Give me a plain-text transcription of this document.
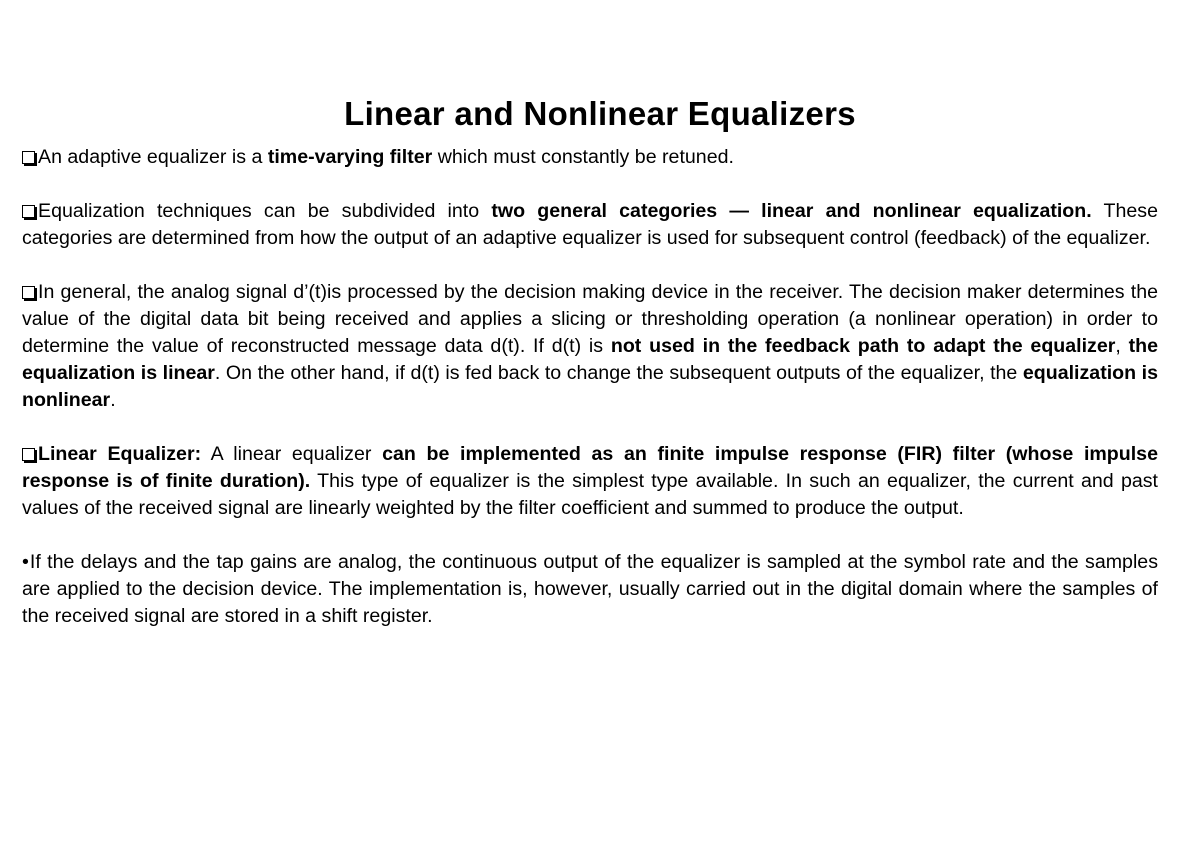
Linear and Nonlinear Equalizers

An adaptive equalizer is a time-varying filter which must constantly be retuned.

Equalization techniques can be subdivided into two general categories — linear and nonlinear equalization. These categories are determined from how the output of an adaptive equalizer is used for subsequent control (feedback) of the equalizer.

In general, the analog signal d’(t)is processed by the decision making device in the receiver. The decision maker determines the value of the digital data bit being received and applies a slicing or thresholding operation (a nonlinear operation) in order to determine the value of reconstructed message data d(t). If d(t) is not used in the feedback path to adapt the equalizer, the equalization is linear. On the other hand, if d(t) is fed back to change the subsequent outputs of the equalizer, the equalization is nonlinear.

Linear Equalizer: A linear equalizer can be implemented as an finite impulse response (FIR) filter (whose impulse response is of finite duration). This type of equalizer is the simplest type available. In such an equalizer, the current and past values of the received signal are linearly weighted by the filter coefficient and summed to produce the output.

•If the delays and the tap gains are analog, the continuous output of the equalizer is sampled at the symbol rate and the samples are applied to the decision device. The implementation is, however, usually carried out in the digital domain where the samples of the received signal are stored in a shift register.
